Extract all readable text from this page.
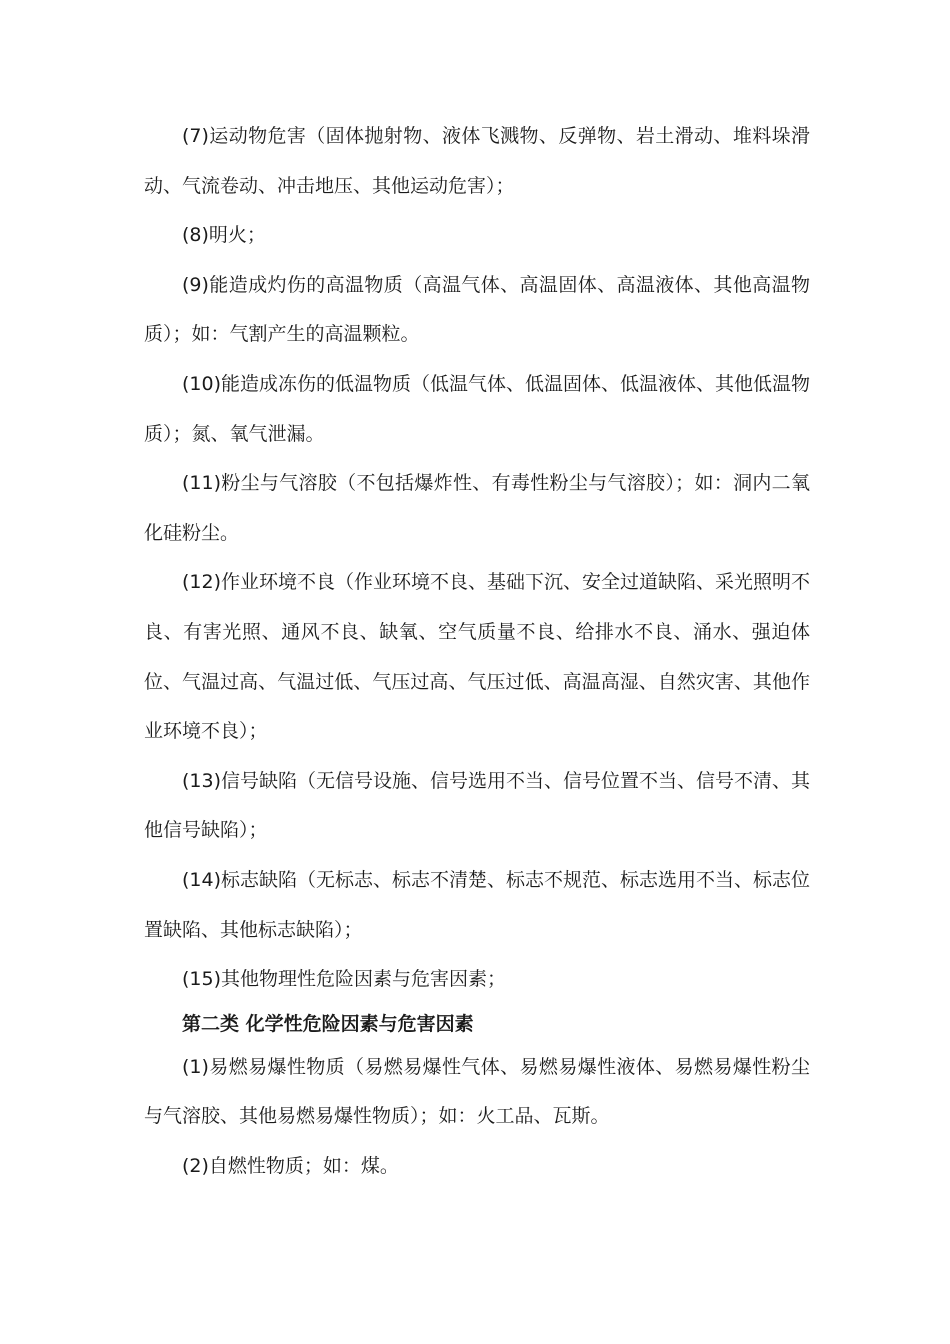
(7)运动物危害（固体抛射物、液体飞溅物、反弹物、岩土滑动、堆料垛滑动、气流卷动、冲击地压、其他运动危害）；

(8)明火；

(9)能造成灼伤的高温物质（高温气体、高温固体、高温液体、其他高温物质）；如：气割产生的高温颗粒。

(10)能造成冻伤的低温物质（低温气体、低温固体、低温液体、其他低温物质）；氮、氧气泄漏。

(11)粉尘与气溶胶（不包括爆炸性、有毒性粉尘与气溶胶）；如：洞内二氧化硅粉尘。

(12)作业环境不良（作业环境不良、基础下沉、安全过道缺陷、采光照明不良、有害光照、通风不良、缺氧、空气质量不良、给排水不良、涌水、强迫体位、气温过高、气温过低、气压过高、气压过低、高温高湿、自然灾害、其他作业环境不良）；

(13)信号缺陷（无信号设施、信号选用不当、信号位置不当、信号不清、其他信号缺陷）；

(14)标志缺陷（无标志、标志不清楚、标志不规范、标志选用不当、标志位置缺陷、其他标志缺陷）；

(15)其他物理性危险因素与危害因素；

第二类 化学性危险因素与危害因素

(1)易燃易爆性物质（易燃易爆性气体、易燃易爆性液体、易燃易爆性粉尘与气溶胶、其他易燃易爆性物质）；如：火工品、瓦斯。

(2)自燃性物质；如：煤。
